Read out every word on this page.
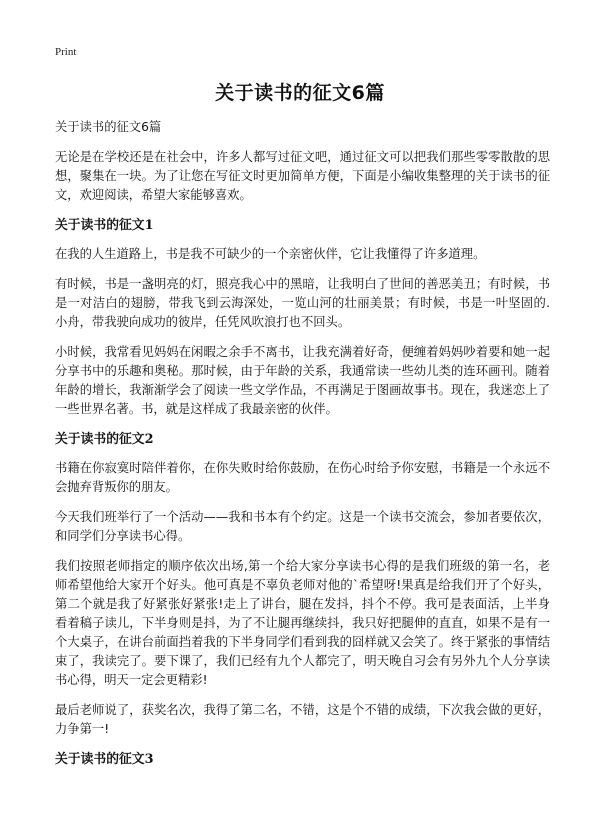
Print
关于读书的征文6篇

关于读书的征文6篇

无论是在学校还是在社会中，许多人都写过征文吧，通过征文可以把我们那些零零散散的思想，聚集在一块。为了让您在写征文时更加简单方便，下面是小编收集整理的关于读书的征文，欢迎阅读，希望大家能够喜欢。

关于读书的征文1

在我的人生道路上，书是我不可缺少的一个亲密伙伴，它让我懂得了许多道理。

有时候，书是一盏明亮的灯，照亮我心中的黑暗，让我明白了世间的善恶美丑；有时候，书是一对洁白的翅膀，带我飞到云海深处，一览山河的壮丽美景；有时候，书是一叶坚固的.小舟，带我驶向成功的彼岸，任凭风吹浪打也不回头。

小时候，我常看见妈妈在闲暇之余手不离书，让我充满着好奇，便缠着妈妈吵着要和她一起分享书中的乐趣和奥秘。那时候，由于年龄的关系，我通常读一些幼儿类的连环画刊。随着年龄的增长，我渐渐学会了阅读一些文学作品，不再满足于图画故事书。现在，我迷恋上了一些世界名著。书，就是这样成了我最亲密的伙伴。

关于读书的征文2

书籍在你寂寞时陪伴着你，在你失败时给你鼓励，在伤心时给予你安慰，书籍是一个永远不会抛弃背叛你的朋友。

今天我们班举行了一个活动——我和书本有个约定。这是一个读书交流会，参加者要依次，和同学们分享读书心得。

我们按照老师指定的顺序依次出场,第一个给大家分享读书心得的是我们班级的第一名，老师希望他给大家开个好头。他可真是不辜负老师对他的`希望呀!果真是给我们开了个好头，第二个就是我了好紧张好紧张!走上了讲台，腿在发抖，抖个不停。我可是表面活，上半身看着稿子读儿，下半身则是抖，为了不让腿再继续抖，我只好把腿伸的直直，如果不是有一个大桌子，在讲台前面挡着我的下半身同学们看到我的囧样就又会笑了。终于紧张的事情结束了，我读完了。要下课了，我们已经有九个人都完了，明天晚自习会有另外九个人分享读书心得，明天一定会更精彩!

最后老师说了，获奖名次，我得了第二名，不错，这是个不错的成绩，下次我会做的更好，力争第一!

关于读书的征文3
